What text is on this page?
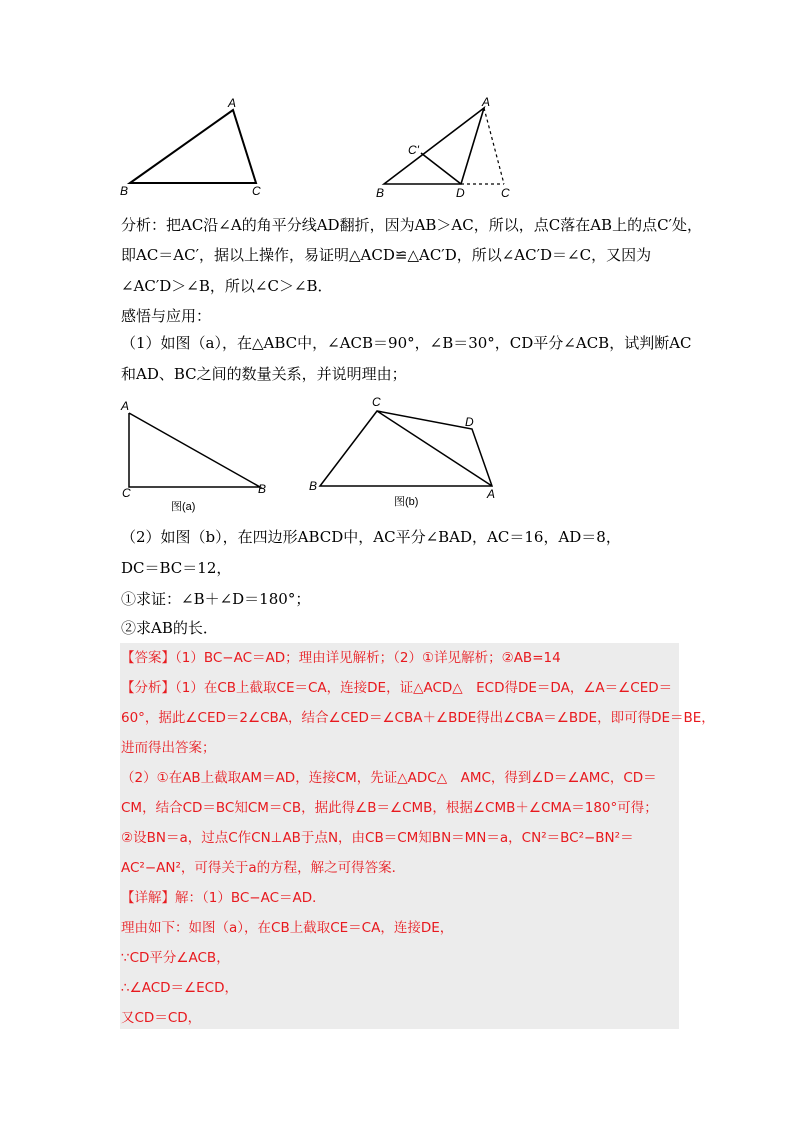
A
B	C
A
C'
B	D	C
分析：把AC沿∠A的角平分线AD翻折，因为AB＞AC，所以，点C落在AB上的点C′处，
即AC＝AC′，据以上操作，易证明△ACD≌△AC′D，所以∠AC′D＝∠C，又因为
∠AC′D＞∠B，所以∠C＞∠B．
感悟与应用：
（1）如图（a），在△ABC中，∠ACB＝90°，∠B＝30°，CD平分∠ACB，试判断AC
和AD、BC之间的数量关系，并说明理由；
A
C	B
图(a)
C
D
B
A
图(b)
（2）如图（b），在四边形ABCD中，AC平分∠BAD，AC＝16，AD＝8，
DC＝BC＝12，
①求证：∠B＋∠D＝180°；
②求AB的长．
【答案】（1）BC−AC＝AD；理由详见解析；（2）①详见解析；②AB=14
【分析】（1）在CB上截取CE＝CA，连接DE，证△ACD△　ECD得DE＝DA，∠A＝∠CED＝
60°，据此∠CED＝2∠CBA，结合∠CED＝∠CBA＋∠BDE得出∠CBA＝∠BDE，即可得DE＝BE，
进而得出答案；
（2）①在AB上截取AM＝AD，连接CM，先证△ADC△　AMC，得到∠D＝∠AMC，CD＝
CM，结合CD＝BC知CM＝CB，据此得∠B＝∠CMB，根据∠CMB＋∠CMA＝180°可得；
②设BN＝a，过点C作CN⊥AB于点N，由CB＝CM知BN＝MN＝a，CN²＝BC²−BN²＝
AC²−AN²，可得关于a的方程，解之可得答案．
【详解】解：（1）BC−AC＝AD．
理由如下：如图（a），在CB上截取CE＝CA，连接DE，
∵CD平分∠ACB，
∴∠ACD＝∠ECD，
又CD＝CD，
